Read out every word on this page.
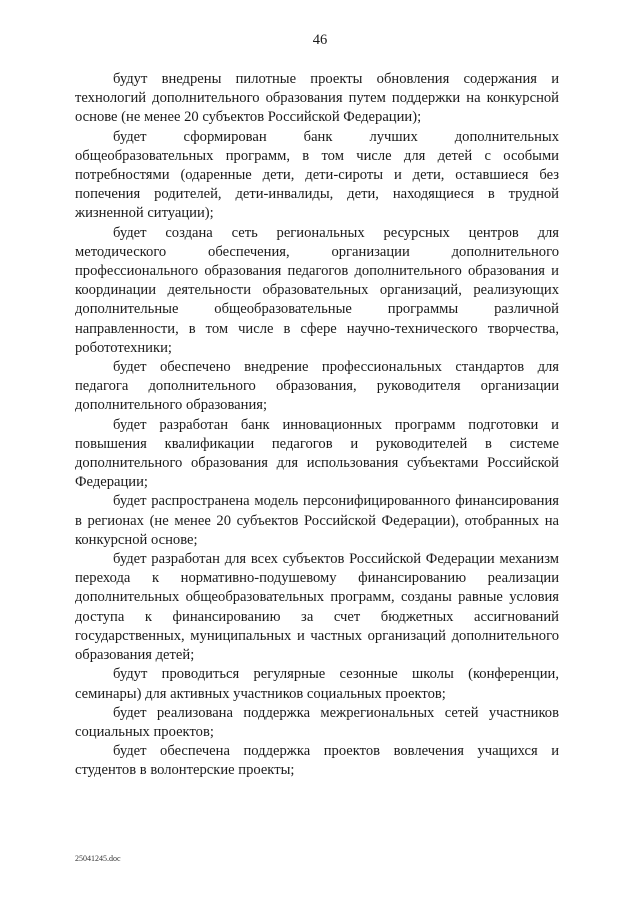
46

будут внедрены пилотные проекты обновления содержания и технологий дополнительного образования путем поддержки на конкурсной основе (не менее 20 субъектов Российской Федерации);

будет сформирован банк лучших дополнительных общеобразовательных программ, в том числе для детей с особыми потребностями (одаренные дети, дети-сироты и дети, оставшиеся без попечения родителей, дети-инвалиды, дети, находящиеся в трудной жизненной ситуации);

будет создана сеть региональных ресурсных центров для методического обеспечения, организации дополнительного профессионального образования педагогов дополнительного образования и координации деятельности образовательных организаций, реализующих дополнительные общеобразовательные программы различной направленности, в том числе в сфере научно-технического творчества, робототехники;

будет обеспечено внедрение профессиональных стандартов для педагога дополнительного образования, руководителя организации дополнительного образования;

будет разработан банк инновационных программ подготовки и повышения квалификации педагогов и руководителей в системе дополнительного образования для использования субъектами Российской Федерации;

будет распространена модель персонифицированного финансирования в регионах (не менее 20 субъектов Российской Федерации), отобранных на конкурсной основе;

будет разработан для всех субъектов Российской Федерации механизм перехода к нормативно-подушевому финансированию реализации дополнительных общеобразовательных программ, созданы равные условия доступа к финансированию за счет бюджетных ассигнований государственных, муниципальных и частных организаций дополнительного образования детей;

будут проводиться регулярные сезонные школы (конференции, семинары) для активных участников социальных проектов;

будет реализована поддержка межрегиональных сетей участников социальных проектов;

будет обеспечена поддержка проектов вовлечения учащихся и студентов в волонтерские проекты;

25041245.doc
